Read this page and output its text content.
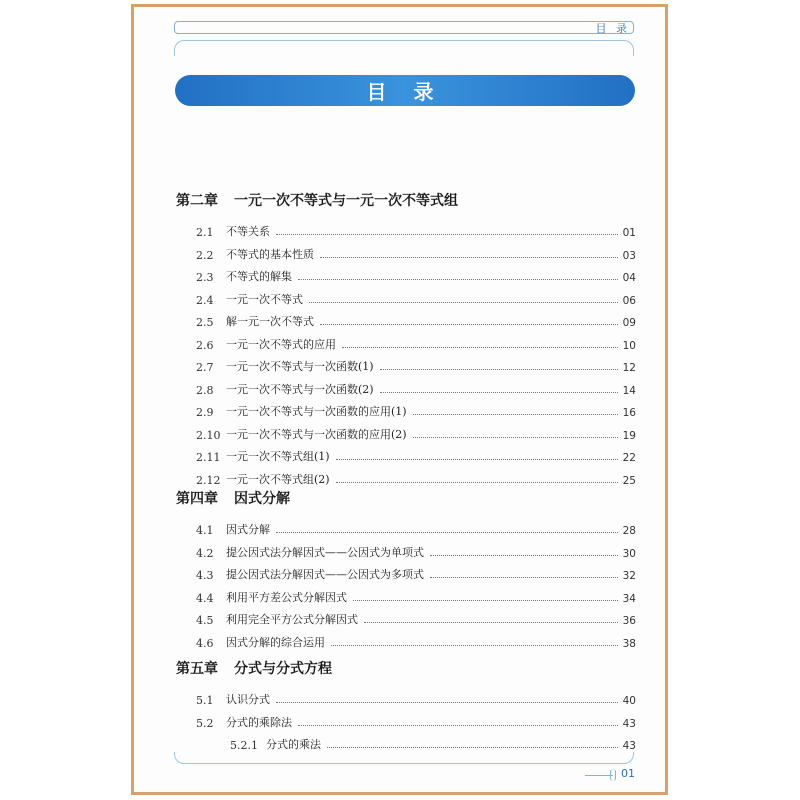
目 录
目 录
第二章 一元一次不等式与一元一次不等式组
2.1	不等关系	01
2.2	不等式的基本性质	03
2.3	不等式的解集	04
2.4	一元一次不等式	06
2.5	解一元一次不等式	09
2.6	一元一次不等式的应用	10
2.7	一元一次不等式与一次函数(1)	12
2.8	一元一次不等式与一次函数(2)	14
2.9	一元一次不等式与一次函数的应用(1)	16
2.10 一元一次不等式与一次函数的应用(2)	19
2.11 一元一次不等式组(1)	22
2.12 一元一次不等式组(2)	25
第四章 因式分解
4.1	因式分解	28
4.2	提公因式法分解因式——公因式为单项式	30
4.3	提公因式法分解因式——公因式为多项式	32
4.4	利用平方差公式分解因式	34
4.5	利用完全平方公式分解因式	36
4.6	因式分解的综合运用	38
第五章 分式与分式方程
5.1	认识分式	40
5.2	分式的乘除法	43
5.2.1 分式的乘法	43
01
